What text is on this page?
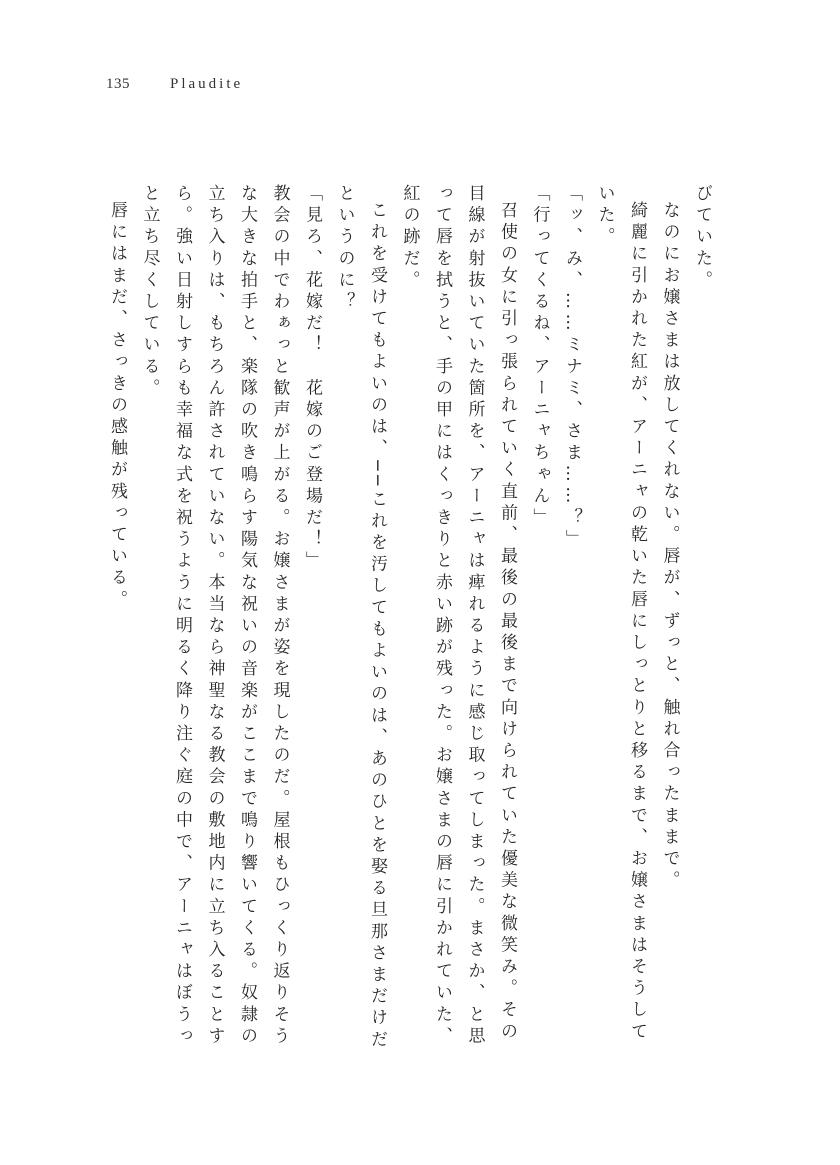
135	Plaudite

びていた。

なのにお嬢さまは放してくれない。唇が、ずっと、触れ合ったままで。

綺麗に引かれた紅が、アーニャの乾いた唇にしっとりと移るまで、お嬢さまはそうしていた。

「ッ、み、……ミナミ、さま……？」

「行ってくるね、アーニャちゃん」

召使の女に引っ張られていく直前、最後の最後まで向けられていた優美な微笑み。その目線が射抜いていた箇所を、アーニャは痺れるように感じ取ってしまった。まさか、と思って唇を拭うと、手の甲にはくっきりと赤い跡が残った。お嬢さまの唇に引かれていた、紅の跡だ。

これを受けてもよいのは、──これを汚してもよいのは、あのひとを娶る旦那さまだけだというのに？

「見ろ、花嫁だ！　花嫁のご登場だ！」

教会の中でわぁっと歓声が上がる。お嬢さまが姿を現したのだ。屋根もひっくり返りそうな大きな拍手と、楽隊の吹き鳴らす陽気な祝いの音楽がここまで鳴り響いてくる。奴隷の立ち入りは、もちろん許されていない。本当なら神聖なる教会の敷地内に立ち入ることすら。強い日射しすらも幸福な式を祝うように明るく降り注ぐ庭の中で、アーニャはぼうっと立ち尽くしている。

唇にはまだ、さっきの感触が残っている。
